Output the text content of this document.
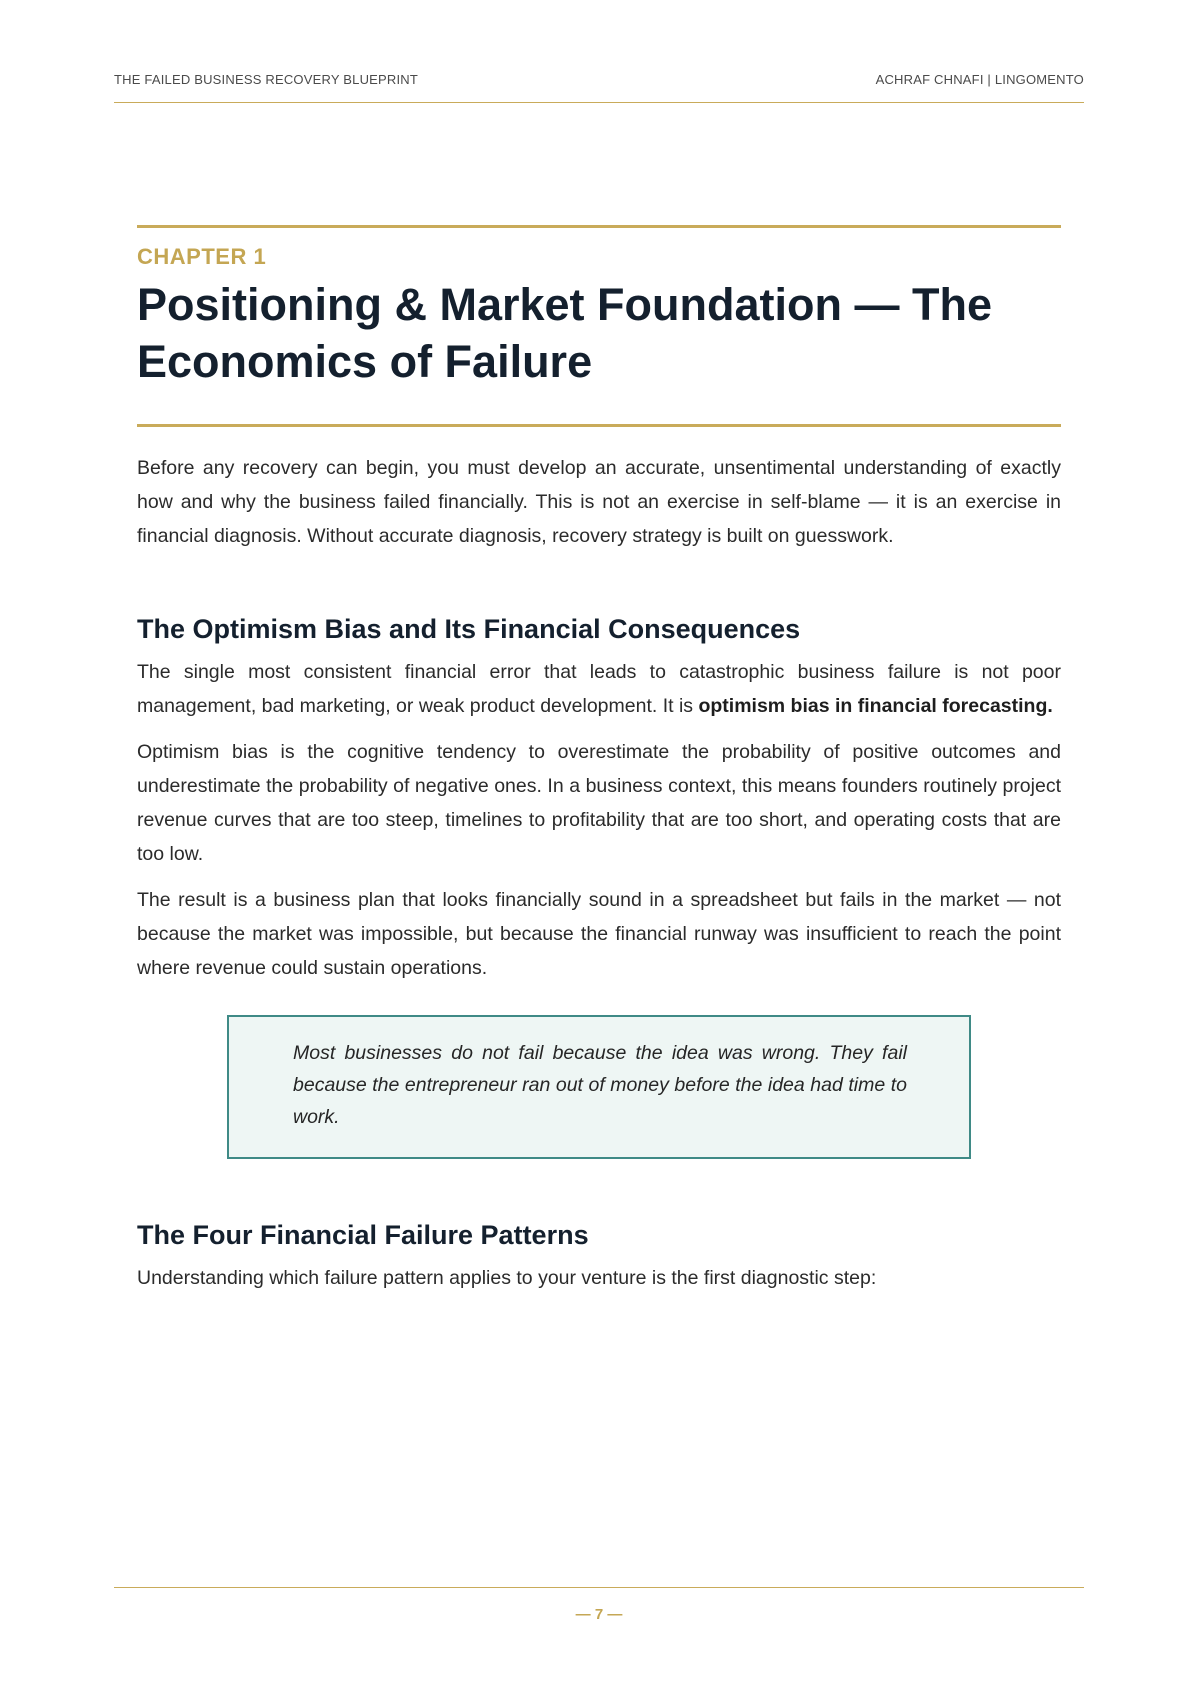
THE FAILED BUSINESS RECOVERY BLUEPRINT	ACHRAF CHNAFI | LINGOMENTO
CHAPTER 1
Positioning & Market Foundation — The Economics of Failure

Before any recovery can begin, you must develop an accurate, unsentimental understanding of exactly how and why the business failed financially. This is not an exercise in self-blame — it is an exercise in financial diagnosis. Without accurate diagnosis, recovery strategy is built on guesswork.

The Optimism Bias and Its Financial Consequences

The single most consistent financial error that leads to catastrophic business failure is not poor management, bad marketing, or weak product development. It is optimism bias in financial forecasting.

Optimism bias is the cognitive tendency to overestimate the probability of positive outcomes and underestimate the probability of negative ones. In a business context, this means founders routinely project revenue curves that are too steep, timelines to profitability that are too short, and operating costs that are too low.

The result is a business plan that looks financially sound in a spreadsheet but fails in the market — not because the market was impossible, but because the financial runway was insufficient to reach the point where revenue could sustain operations.

Most businesses do not fail because the idea was wrong. They fail because the entrepreneur ran out of money before the idea had time to work.

The Four Financial Failure Patterns

Understanding which failure pattern applies to your venture is the first diagnostic step:

— 7 —
